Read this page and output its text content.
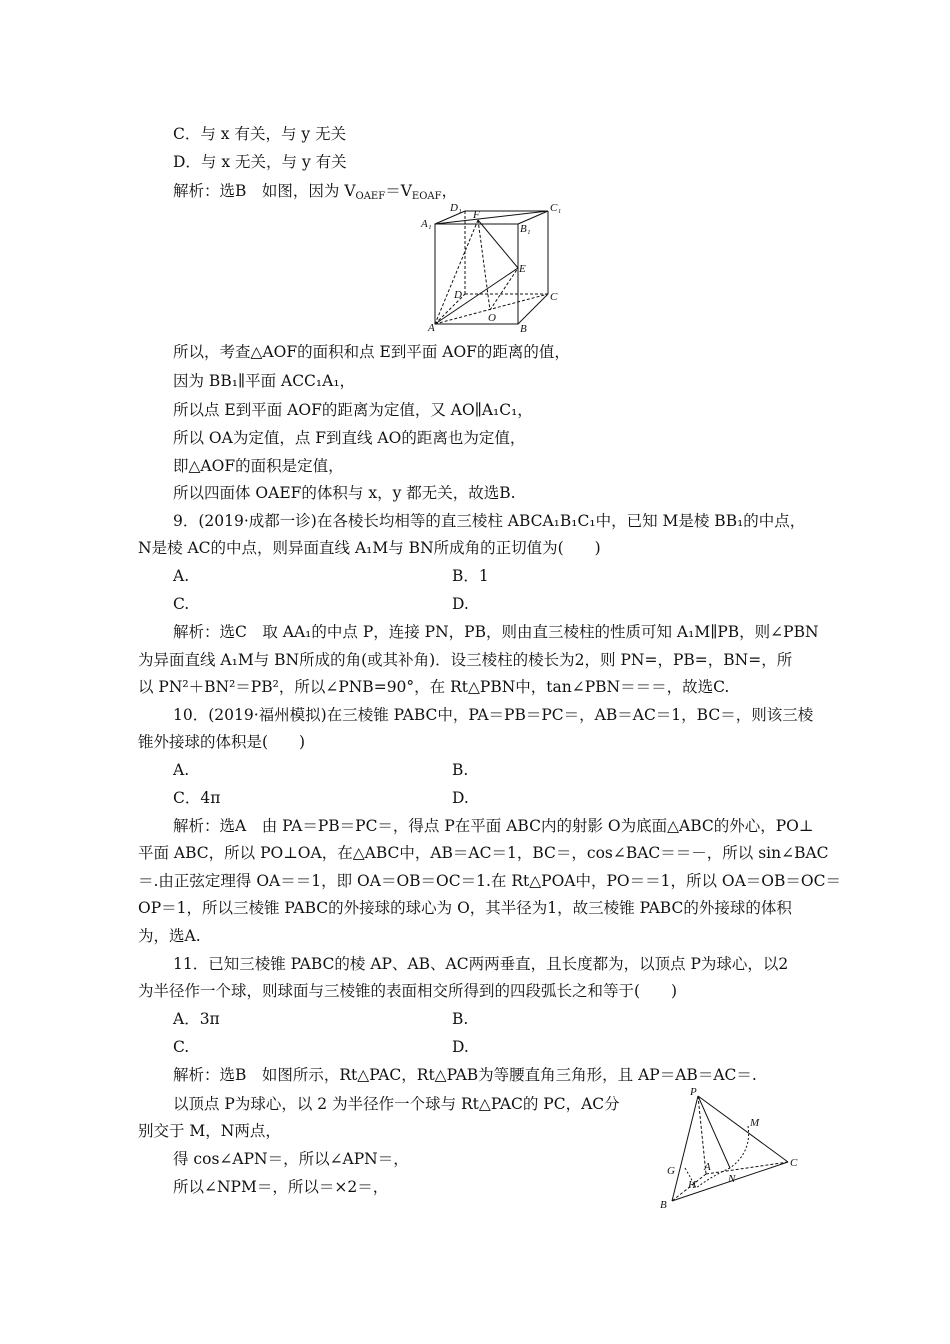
C．与 x 有关，与 y 无关
D．与 x 无关，与 y 有关
解析：选B　如图，因为 $V_{OAEF}=V_{EOAF}$，
D₁	C₁
A₁	B₁
F
E
D	C
A
O
B
所以，考查△AOF的面积和点 E到平面 AOF的距离的值，
因为 BB₁∥平面 ACC₁A₁，
所以点 E到平面 AOF的距离为定值，又 AO∥A₁C₁，
所以 OA为定值，点 F到直线 AO的距离也为定值，
即△AOF的面积是定值，
所以四面体 OAEF的体积与 x，y 都无关，故选B.
9．(2019·成都一诊)在各棱长均相等的直三棱柱 ABCA₁B₁C₁中，已知 M是棱 BB₁的中点，
N是棱 AC的中点，则异面直线 A₁M与 BN所成角的正切值为(　　)
A.	B．1
C.	D.
解析：选C　取 AA₁的中点 P，连接 PN，PB，则由直三棱柱的性质可知 A₁M∥PB，则∠PBN
为异面直线 A₁M与 BN所成的角(或其补角)．设三棱柱的棱长为2，则 PN=，PB=，BN=，所
以 PN²＋BN²＝PB²，所以∠PNB=90°，在 Rt△PBN中，tan∠PBN＝＝＝，故选C.
10．(2019·福州模拟)在三棱锥 PABC中，PA＝PB＝PC＝，AB＝AC＝1，BC＝，则该三棱
锥外接球的体积是(　　)
A.	B.
C．4π	D.
解析：选A　由 PA＝PB＝PC＝，得点 P在平面 ABC内的射影 O为底面△ABC的外心，PO⊥
平面 ABC，所以 PO⊥OA，在△ABC中，AB＝AC＝1，BC＝，cos∠BAC＝＝－，所以 sin∠BAC
＝.由正弦定理得 OA＝＝1，即 OA＝OB＝OC＝1.在 Rt△POA中，PO＝＝1，所以 OA＝OB＝OC＝
OP＝1，所以三棱锥 PABC的外接球的球心为 O，其半径为1，故三棱锥 PABC的外接球的体积
为，选A.
11．已知三棱锥 PABC的棱 AP、AB、AC两两垂直，且长度都为，以顶点 P为球心，以2
为半径作一个球，则球面与三棱锥的表面相交所得到的四段弧长之和等于(　　)
A．3π	B.
C.	D.
解析：选B　如图所示，Rt△PAC，Rt△PAB为等腰直角三角形，且 AP＝AB＝AC＝.
以顶点 P为球心，以 2 为半径作一个球与 Rt△PAC的 PC，AC分
别交于 M，N两点，
得 cos∠APN＝，所以∠APN＝，
所以∠NPM＝，所以＝×2＝，
P
M
A
N
C
G
H
B
